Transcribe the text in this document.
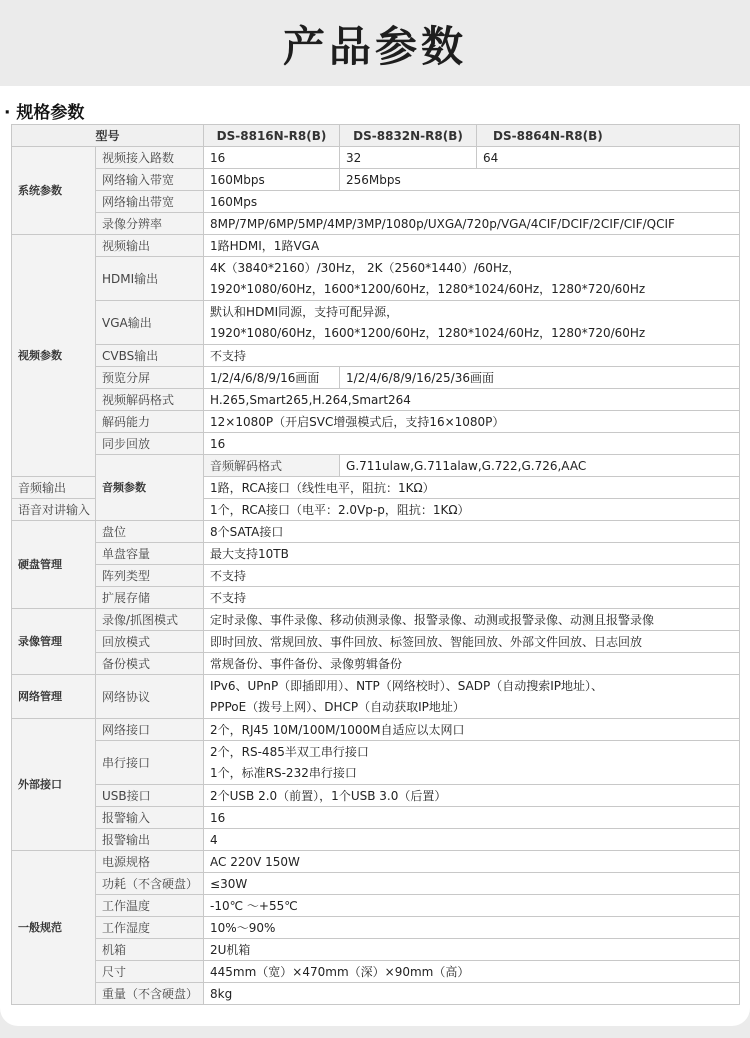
产品参数
· 规格参数
型号		DS-8816N-R8(B)	DS-8832N-R8(B)	DS-8864N-R8(B)
系统参数	视频接入路数	16	32	64
	网络输入带宽	160Mbps	256Mbps	
	网络输出带宽	160Mps		
	录像分辨率	8MP/7MP/6MP/5MP/4MP/3MP/1080p/UXGA/720p/VGA/4CIF/DCIF/2CIF/CIF/QCIF		
视频参数	视频输出	1路HDMI，1路VGA		
	HDMI输出	4K（3840*2160）/30Hz， 2K（2560*1440）/60Hz，
1920*1080/60Hz，1600*1200/60Hz，1280*1024/60Hz，1280*720/60Hz		

	VGA输出	默认和HDMI同源，支持可配异源，
1920*1080/60Hz，1600*1200/60Hz，1280*1024/60Hz，1280*720/60Hz		

	CVBS输出	不支持		
	预览分屏	1/2/4/6/8/9/16画面	1/2/4/6/8/9/16/25/36画面	
	视频解码格式	H.265,Smart265,H.264,Smart264		
	解码能力	12×1080P（开启SVC增强模式后，支持16×1080P）		
	同步回放	16		
	音频参数	音频解码格式	G.711ulaw,G.711alaw,G.722,G.726,AAC	
音频输出		1路，RCA接口（线性电平，阻抗：1KΩ）		
语音对讲输入		1个，RCA接口（电平：2.0Vp-p，阻抗：1KΩ）		
硬盘管理	盘位	8个SATA接口		
	单盘容量	最大支持10TB		
	阵列类型	不支持		
	扩展存储	不支持		
录像管理	录像/抓图模式	定时录像、事件录像、移动侦测录像、报警录像、动测或报警录像、动测且报警录像		
	回放模式	即时回放、常规回放、事件回放、标签回放、智能回放、外部文件回放、日志回放		
	备份模式	常规备份、事件备份、录像剪辑备份		
网络管理	网络协议	IPv6、UPnP（即插即用）、NTP（网络校时）、SADP（自动搜索IP地址）、
PPPoE（拨号上网）、DHCP（自动获取IP地址）		

外部接口	网络接口	2个，RJ45 10M/100M/1000M自适应以太网口		
	串行接口	2个，RS-485半双工串行接口
1个，标准RS-232串行接口		

	USB接口	2个USB 2.0（前置），1个USB 3.0（后置）		
	报警输入	16		
	报警输出	4		
一般规范	电源规格	AC 220V 150W		
	功耗（不含硬盘）	≤30W		
	工作温度	-10℃ ～+55℃		
	工作湿度	10%～90%		
	机箱	2U机箱		
	尺寸	445mm（宽）×470mm（深）×90mm（高）		
	重量（不含硬盘）	8kg		
